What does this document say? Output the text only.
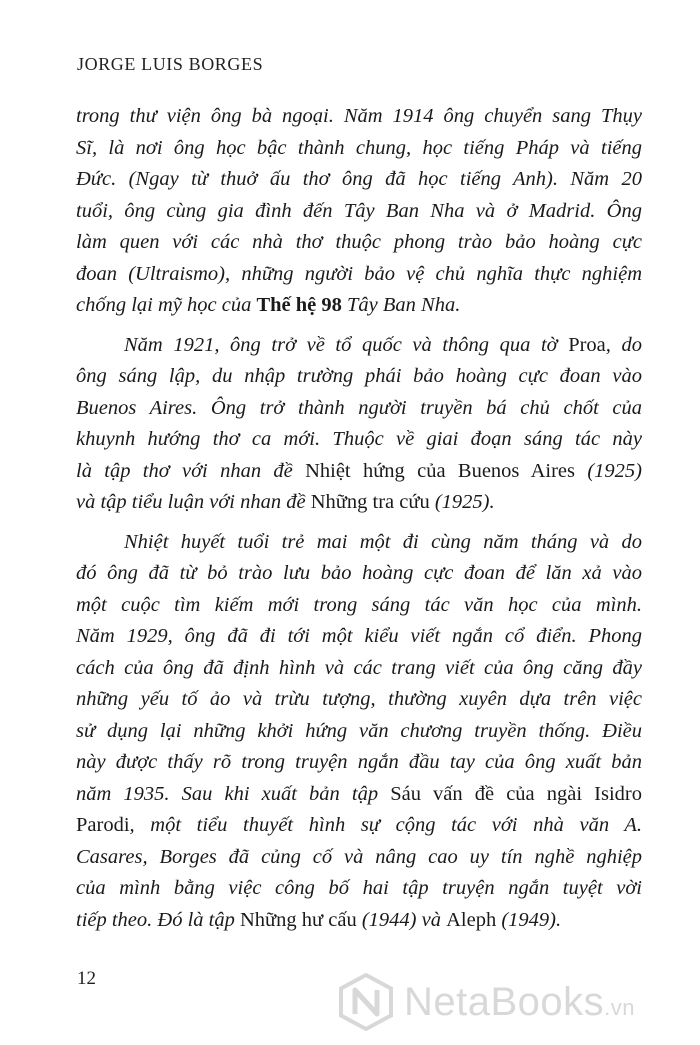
JORGE LUIS BORGES
trong thư viện ông bà ngoại. Năm 1914 ông chuyển sang Thụy
Sĩ, là nơi ông học bậc thành chung, học tiếng Pháp và tiếng
Đức. (Ngay từ thuở ấu thơ ông đã học tiếng Anh). Năm 20
tuổi, ông cùng gia đình đến Tây Ban Nha và ở Madrid. Ông
làm quen với các nhà thơ thuộc phong trào bảo hoàng cực
đoan (Ultraismo), những người bảo vệ chủ nghĩa thực nghiệm
chống lại mỹ học của Thế hệ 98 Tây Ban Nha.
Năm 1921, ông trở về tổ quốc và thông qua tờ Proa, do
ông sáng lập, du nhập trường phái bảo hoàng cực đoan vào
Buenos Aires. Ông trở thành người truyền bá chủ chốt của
khuynh hướng thơ ca mới. Thuộc về giai đoạn sáng tác này
là tập thơ với nhan đề Nhiệt hứng của Buenos Aires (1925)
và tập tiểu luận với nhan đề Những tra cứu (1925).
Nhiệt huyết tuổi trẻ mai một đi cùng năm tháng và do
đó ông đã từ bỏ trào lưu bảo hoàng cực đoan để lăn xả vào
một cuộc tìm kiếm mới trong sáng tác văn học của mình.
Năm 1929, ông đã đi tới một kiểu viết ngắn cổ điển. Phong
cách của ông đã định hình và các trang viết của ông căng đầy
những yếu tố ảo và trừu tượng, thường xuyên dựa trên việc
sử dụng lại những khởi hứng văn chương truyền thống. Điều
này được thấy rõ trong truyện ngắn đầu tay của ông xuất bản
năm 1935. Sau khi xuất bản tập Sáu vấn đề của ngài Isidro
Parodi, một tiểu thuyết hình sự cộng tác với nhà văn A.
Casares, Borges đã củng cố và nâng cao uy tín nghề nghiệp
của mình bằng việc công bố hai tập truyện ngắn tuyệt vời
tiếp theo. Đó là tập Những hư cấu (1944) và Aleph (1949).
12
NetaBooks.vn
